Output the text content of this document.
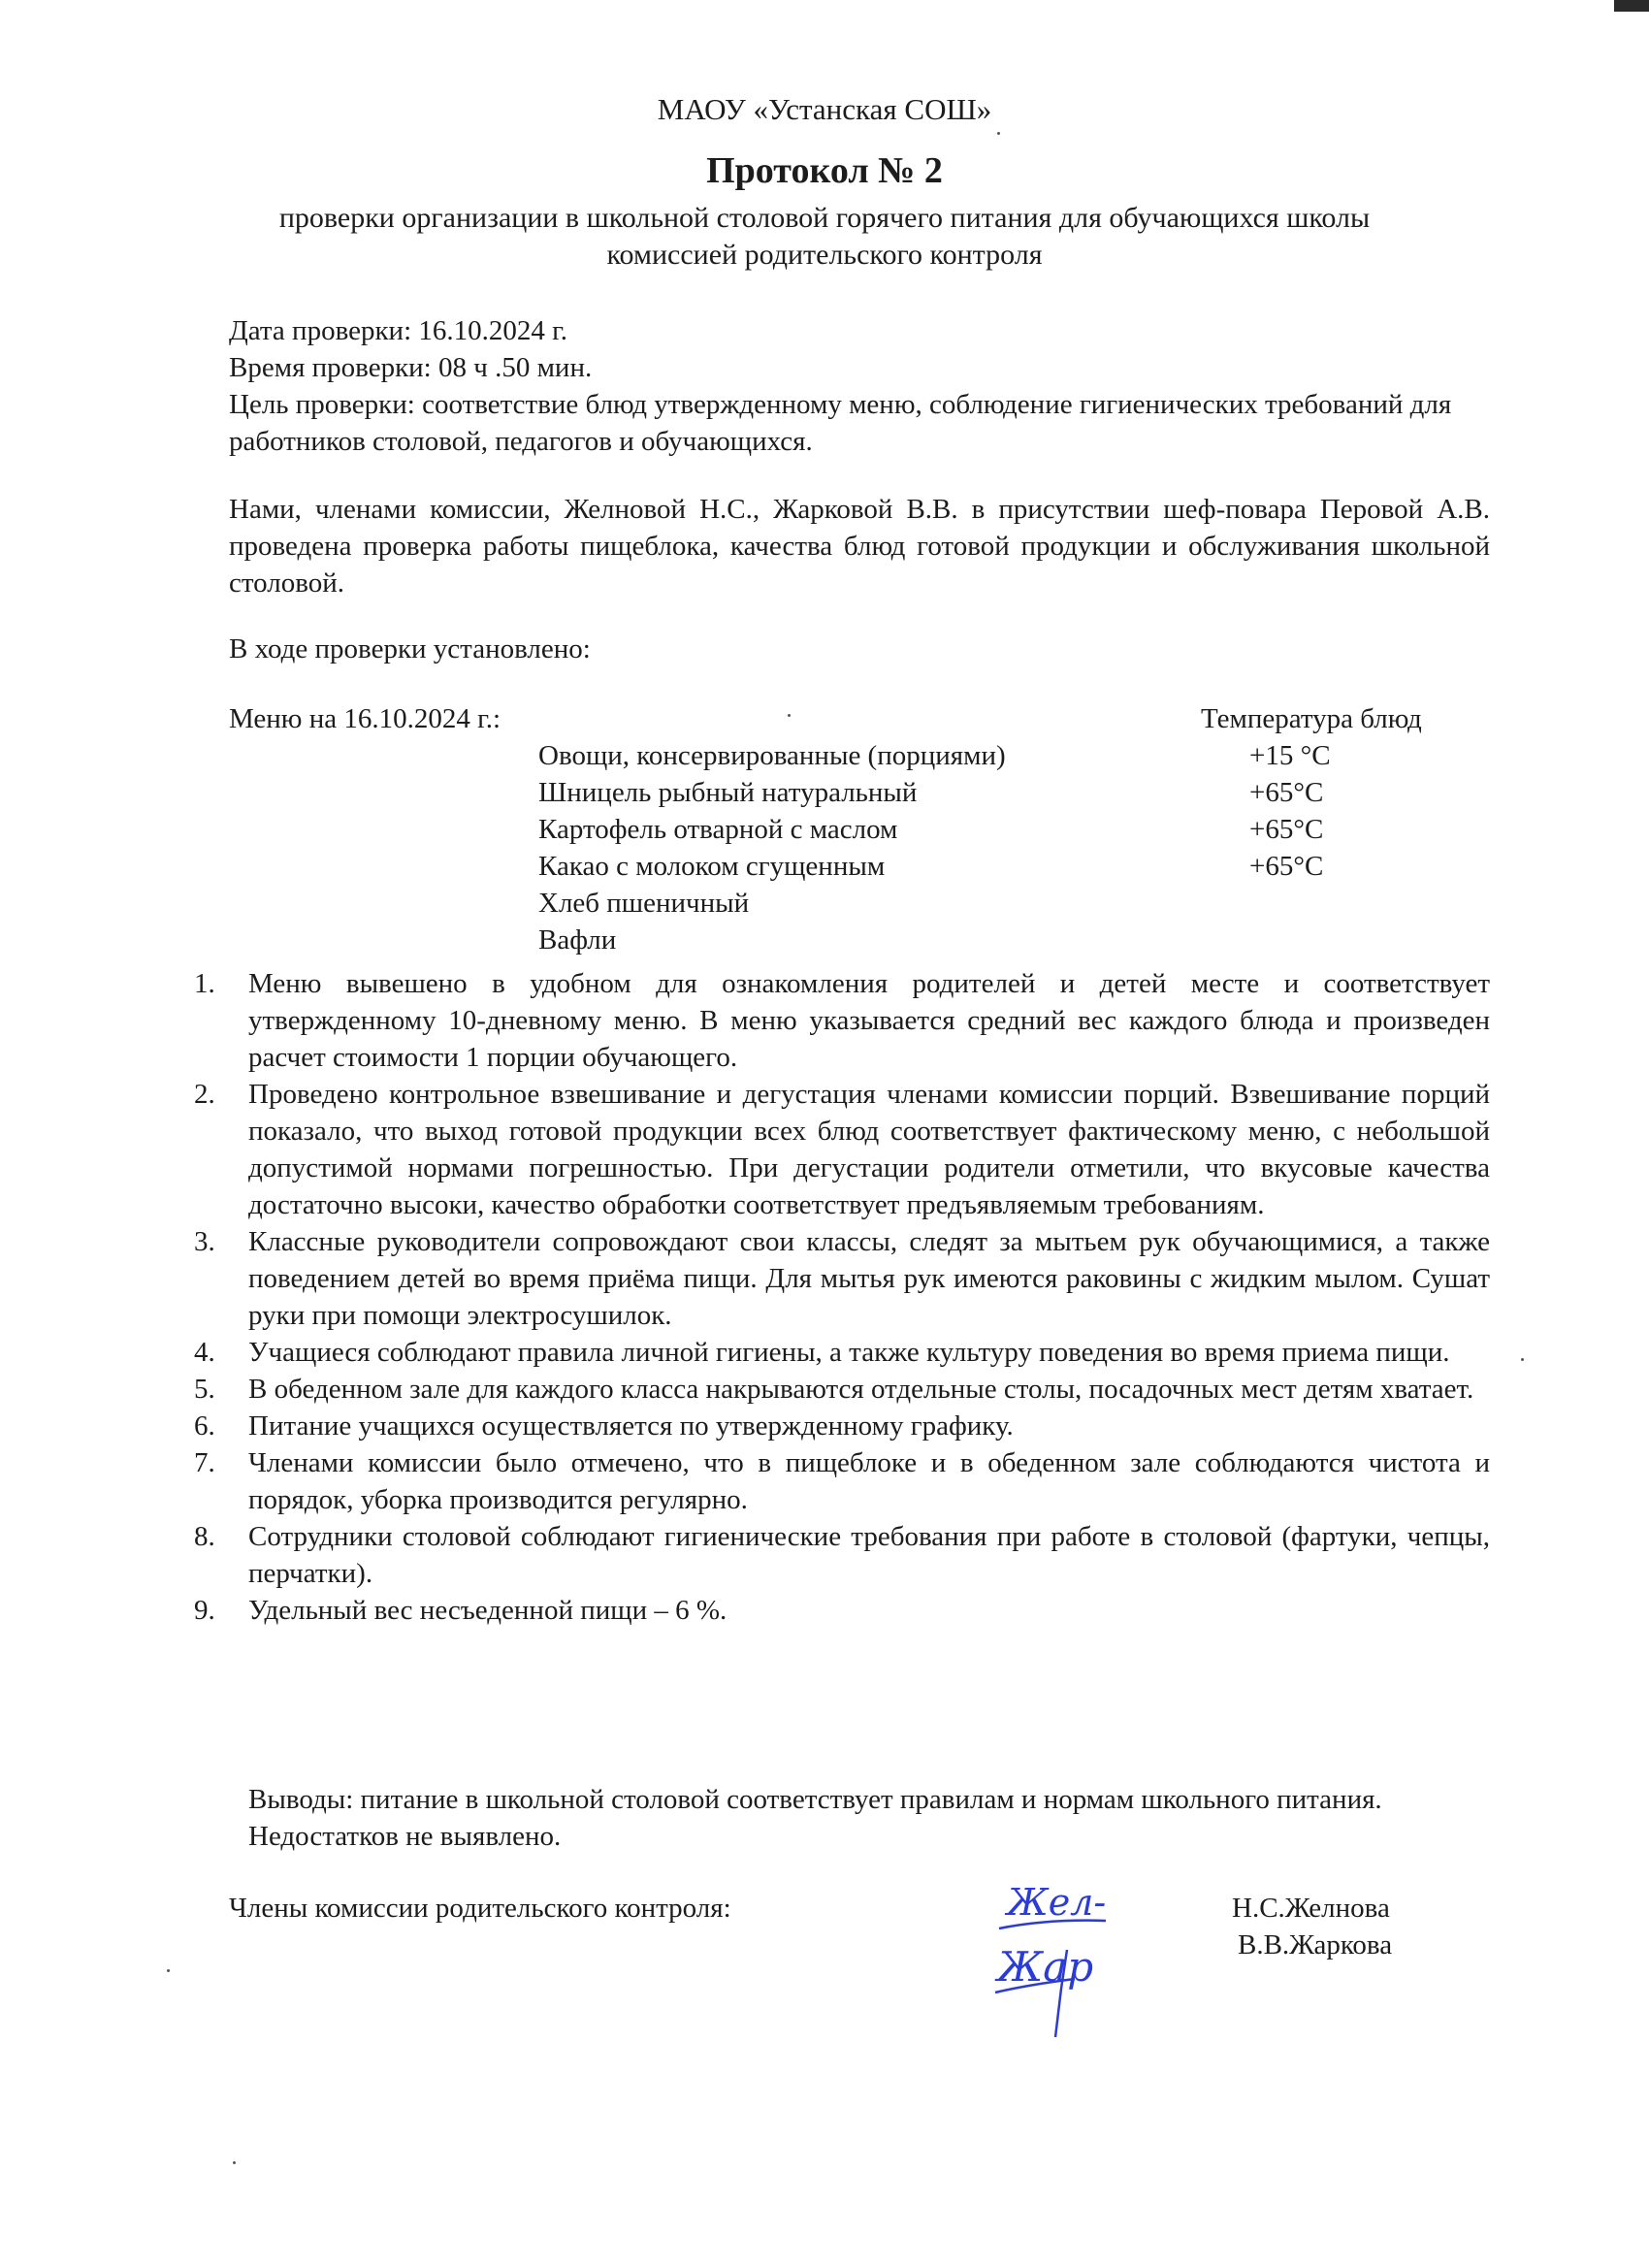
МАОУ «Устанская СОШ»
Протокол № 2
проверки организации в школьной столовой горячего питания для обучающихся школы
комиссией родительского контроля
Дата проверки: 16.10.2024 г.
Время проверки: 08 ч .50 мин.
Цель проверки: соответствие блюд утвержденному меню, соблюдение гигиенических требований для работников столовой, педагогов и обучающихся.
Нами, членами комиссии, Желновой Н.С., Жарковой В.В. в присутствии шеф-повара Перовой А.В. проведена проверка работы пищеблока, качества блюд готовой продукции и обслуживания школьной столовой.
В ходе проверки установлено:
Меню на 16.10.2024 г.:	Температура блюд
Овощи, консервированные (порциями)	+15 °С
Шницель рыбный натуральный	+65°С
Картофель отварной с маслом	+65°С
Какао с молоком сгущенным	+65°С
Хлеб пшеничный
Вафли
1.	Меню вывешено в удобном для ознакомления родителей и детей месте и соответствует утвержденному 10-дневному меню. В меню указывается средний вес каждого блюда и произведен расчет стоимости 1 порции обучающего.
2.	Проведено контрольное взвешивание и дегустация членами комиссии порций. Взвешивание порций показало, что выход готовой продукции всех блюд соответствует фактическому меню, с небольшой допустимой нормами погрешностью. При дегустации родители отметили, что вкусовые качества достаточно высоки, качество обработки соответствует предъявляемым требованиям.
3.	Классные руководители сопровождают свои классы, следят за мытьем рук обучающимися, а также поведением детей во время приёма пищи. Для мытья рук имеются раковины с жидким мылом. Сушат руки при помощи электросушилок.
4.	Учащиеся соблюдают правила личной гигиены, а также культуру поведения во время приема пищи.
5.	В обеденном зале для каждого класса накрываются отдельные столы, посадочных мест детям хватает.
6.	Питание учащихся осуществляется по утвержденному графику.
7.	Членами комиссии было отмечено, что в пищеблоке и в обеденном зале соблюдаются чистота и порядок, уборка производится регулярно.
8.	Сотрудники столовой соблюдают гигиенические требования при работе в столовой (фартуки, чепцы, перчатки).
9.	Удельный вес несъеденной пищи – 6 %.
Выводы: питание в школьной столовой соответствует правилам и нормам школьного питания. Недостатков не выявлено.
Члены комиссии родительского контроля:	Жел-
Жар
Н.С.Желнова
В.В.Жаркова
